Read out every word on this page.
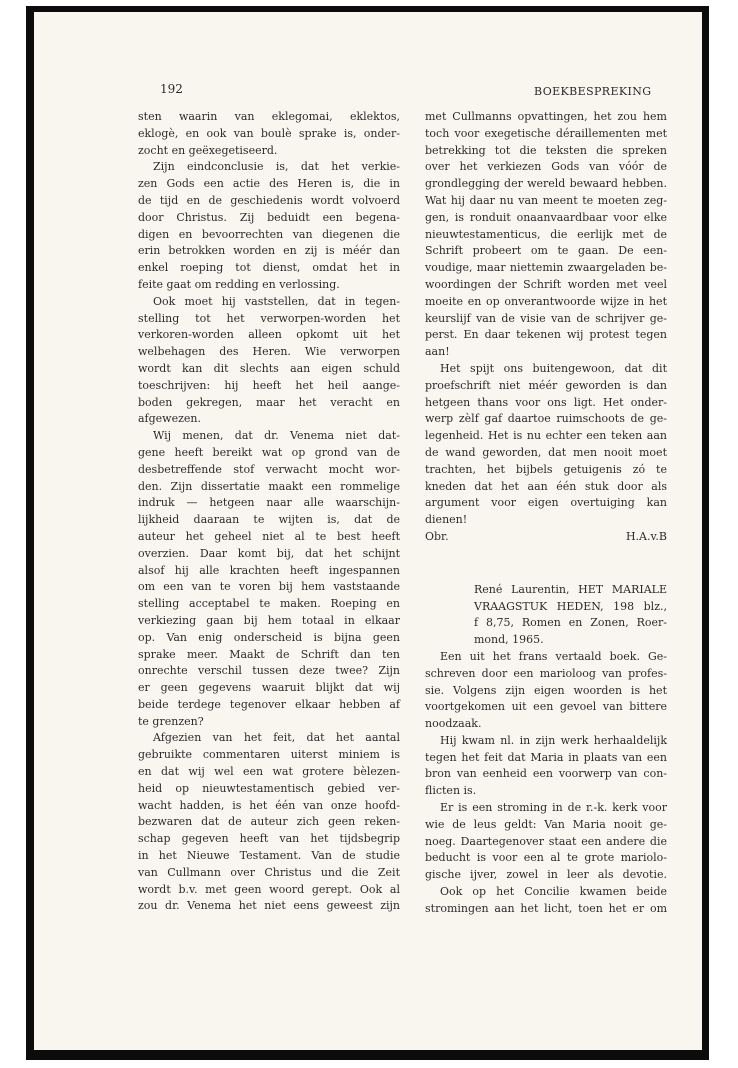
192	BOEKBESPREKING
sten waarin van eklegomai, eklektos,
eklogè, en ook van boulè sprake is, onder-
zocht en geëxegetiseerd.
Zijn eindconclusie is, dat het verkie-
zen Gods een actie des Heren is, die in
de tijd en de geschiedenis wordt volvoerd
door Christus. Zij beduidt een begena-
digen en bevoorrechten van diegenen die
erin betrokken worden en zij is méér dan
enkel roeping tot dienst, omdat het in
feite gaat om redding en verlossing.
Ook moet hij vaststellen, dat in tegen-
stelling tot het verworpen-worden het
verkoren-worden alleen opkomt uit het
welbehagen des Heren. Wie verworpen
wordt kan dit slechts aan eigen schuld
toeschrijven: hij heeft het heil aange-
boden gekregen, maar het veracht en
afgewezen.
Wij menen, dat dr. Venema niet dat-
gene heeft bereikt wat op grond van de
desbetreffende stof verwacht mocht wor-
den. Zijn dissertatie maakt een rommelige
indruk — hetgeen naar alle waarschijn-
lijkheid daaraan te wijten is, dat de
auteur het geheel niet al te best heeft
overzien. Daar komt bij, dat het schijnt
alsof hij alle krachten heeft ingespannen
om een van te voren bij hem vaststaande
stelling acceptabel te maken. Roeping en
verkiezing gaan bij hem totaal in elkaar
op. Van enig onderscheid is bijna geen
sprake meer. Maakt de Schrift dan ten
onrechte verschil tussen deze twee? Zijn
er geen gegevens waaruit blijkt dat wij
beide terdege tegenover elkaar hebben af
te grenzen?
Afgezien van het feit, dat het aantal
gebruikte commentaren uiterst miniem is
en dat wij wel een wat grotere bèlezen-
heid op nieuwtestamentisch gebied ver-
wacht hadden, is het één van onze hoofd-
bezwaren dat de auteur zich geen reken-
schap gegeven heeft van het tijdsbegrip
in het Nieuwe Testament. Van de studie
van Cullmann over Christus und die Zeit
wordt b.v. met geen woord gerept. Ook al
zou dr. Venema het niet eens geweest zijn
met Cullmanns opvattingen, het zou hem
toch voor exegetische déraillementen met
betrekking tot die teksten die spreken
over het verkiezen Gods van vóór de
grondlegging der wereld bewaard hebben.
Wat hij daar nu van meent te moeten zeg-
gen, is ronduit onaanvaardbaar voor elke
nieuwtestamenticus, die eerlijk met de
Schrift probeert om te gaan. De een-
voudige, maar niettemin zwaargeladen be-
woordingen der Schrift worden met veel
moeite en op onverantwoorde wijze in het
keurslijf van de visie van de schrijver ge-
perst. En daar tekenen wij protest tegen
aan!
Het spijt ons buitengewoon, dat dit
proefschrift niet méér geworden is dan
hetgeen thans voor ons ligt. Het onder-
werp zèlf gaf daartoe ruimschoots de ge-
legenheid. Het is nu echter een teken aan
de wand geworden, dat men nooit moet
trachten, het bijbels getuigenis zó te
kneden dat het aan één stuk door als
argument voor eigen overtuiging kan
dienen!
Obr.	H.A.v.B
René Laurentin, HET MARIALE
VRAAGSTUK HEDEN, 198 blz.,
f 8,75, Romen en Zonen, Roer-
mond, 1965.
Een uit het frans vertaald boek. Ge-
schreven door een marioloog van profes-
sie. Volgens zijn eigen woorden is het
voortgekomen uit een gevoel van bittere
noodzaak.
Hij kwam nl. in zijn werk herhaaldelijk
tegen het feit dat Maria in plaats van een
bron van eenheid een voorwerp van con-
flicten is.
Er is een stroming in de r.-k. kerk voor
wie de leus geldt: Van Maria nooit ge-
noeg. Daartegenover staat een andere die
beducht is voor een al te grote mariolo-
gische ijver, zowel in leer als devotie.
Ook op het Concilie kwamen beide
stromingen aan het licht, toen het er om
